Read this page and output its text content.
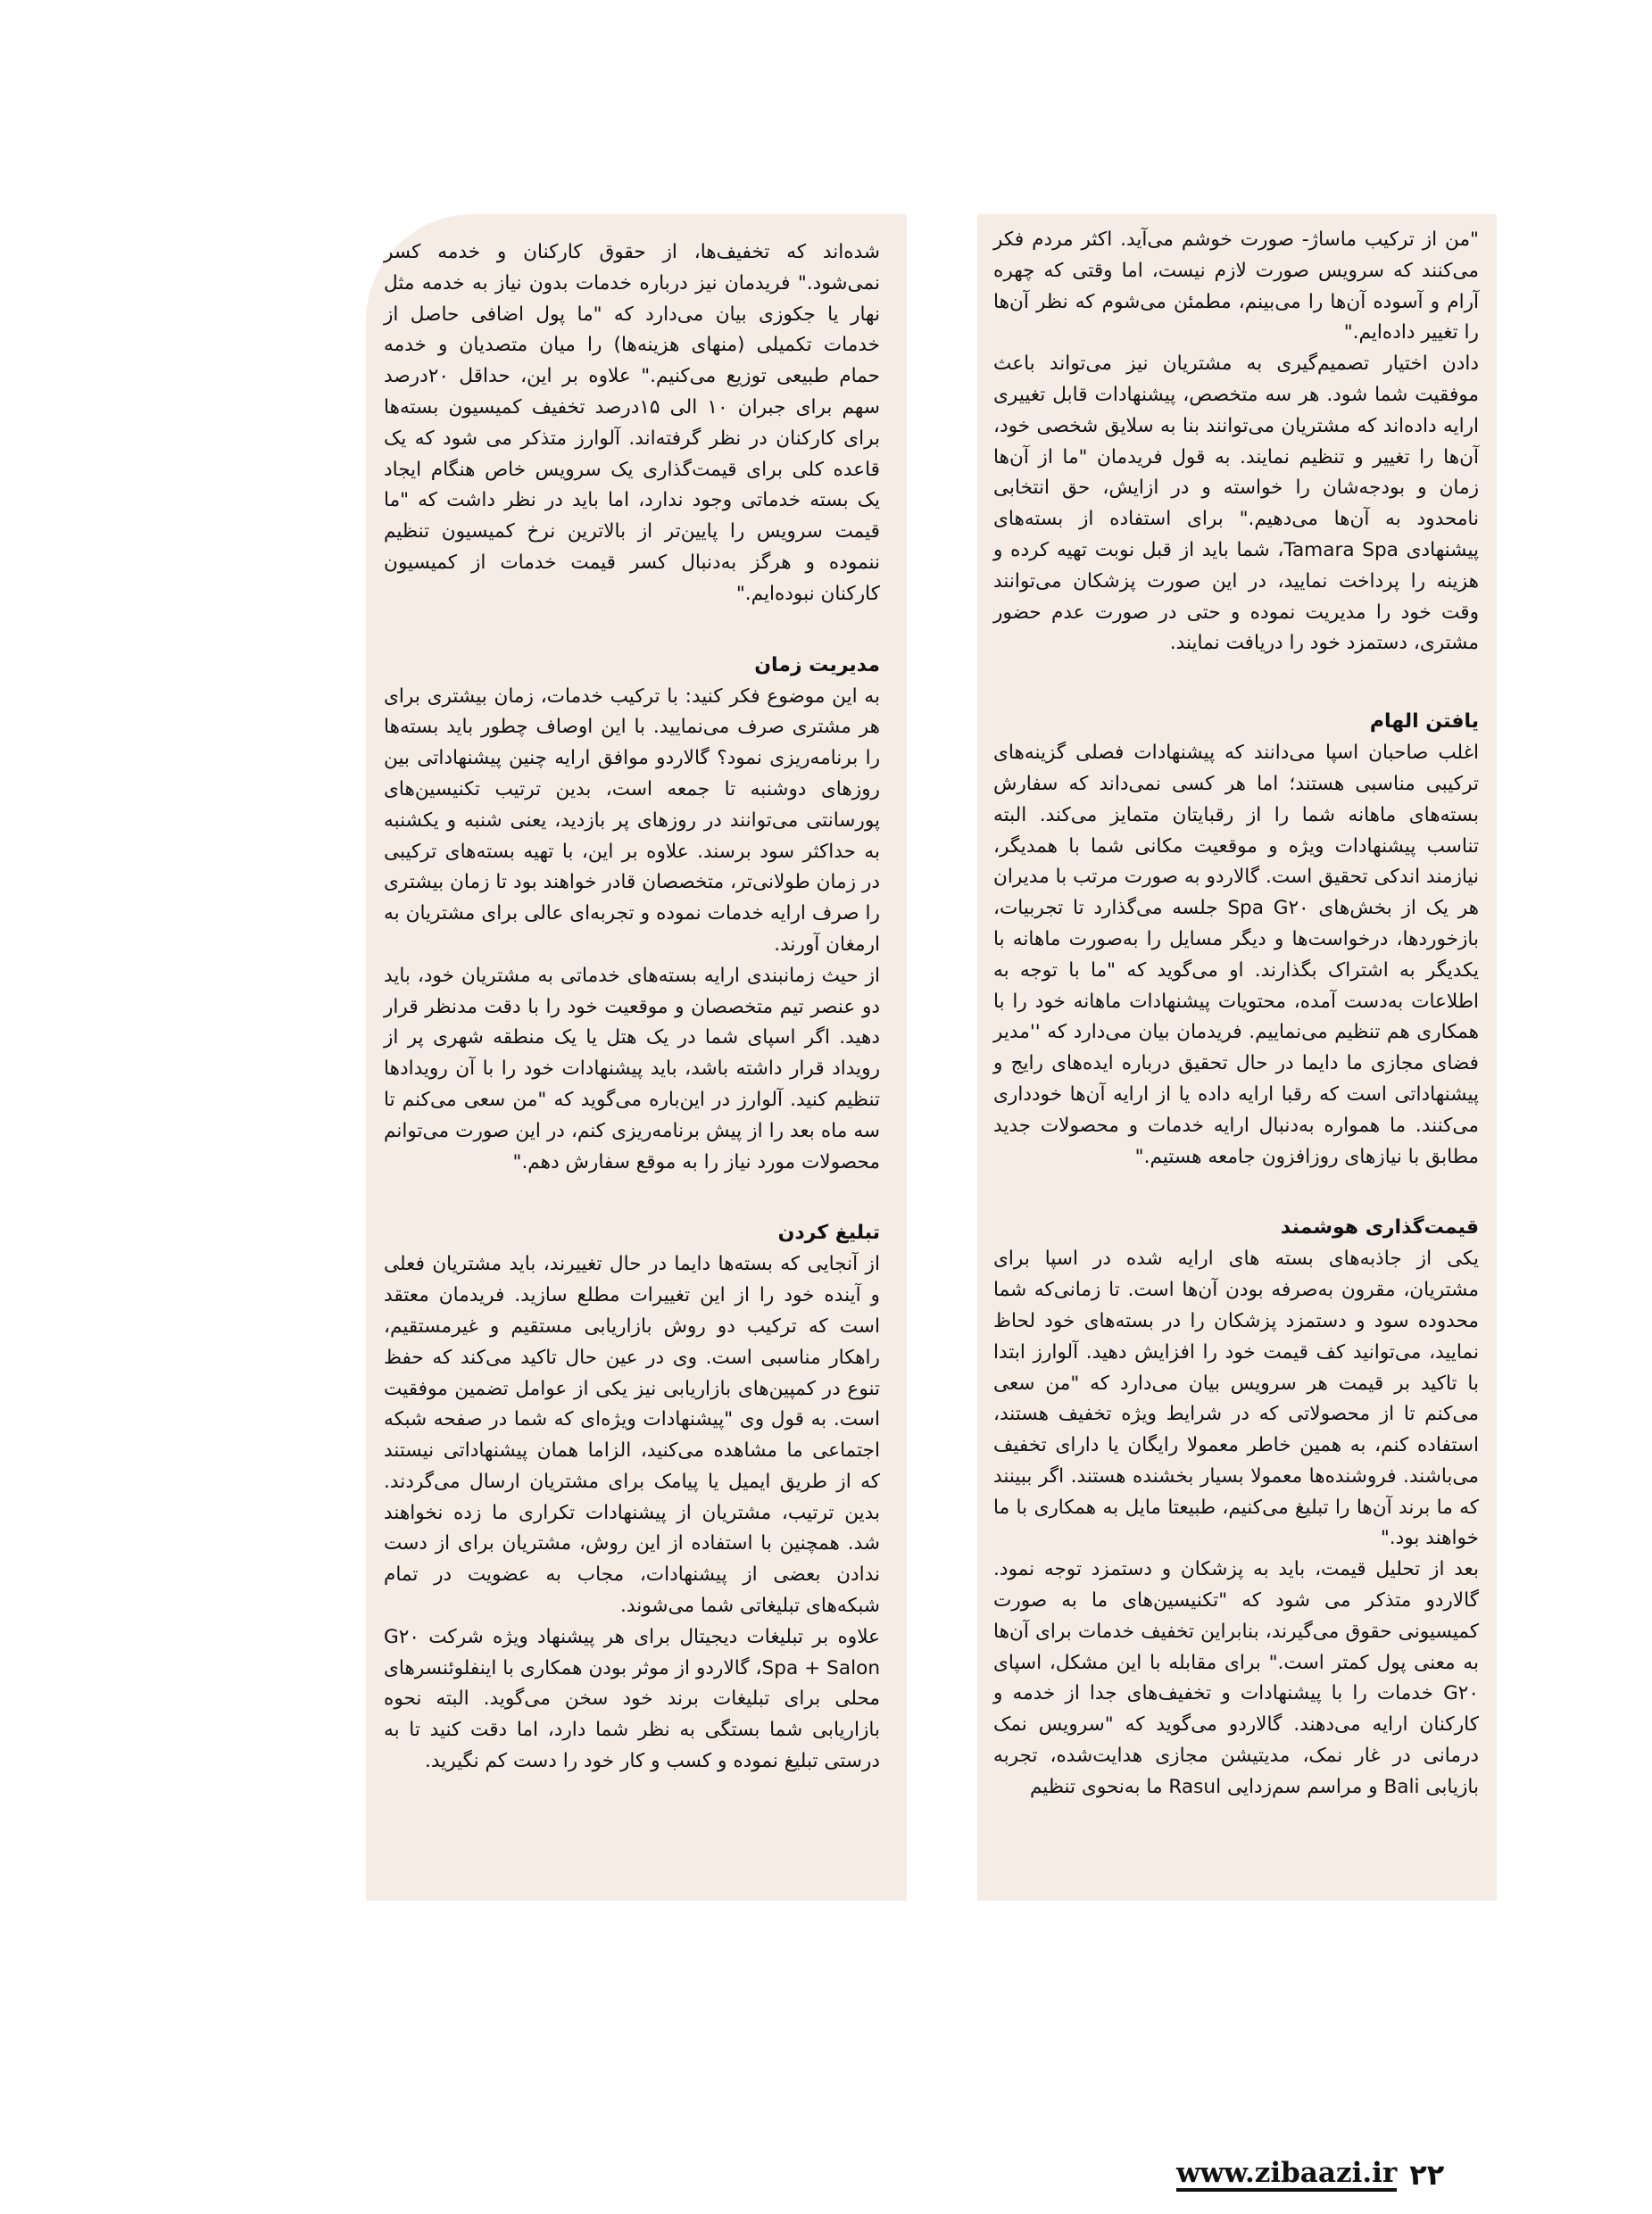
"من از ترکیب ماساژ- صورت خوشم می‌آید. اکثر مردم فکر می‌کنند که سرویس صورت لازم نیست، اما وقتی که چهره آرام و آسوده آن‌ها را می‌بینم، مطمئن می‌شوم که نظر آن‌ها را تغییر داده‌ایم."

دادن اختیار تصمیم‌گیری به مشتریان نیز می‌تواند باعث موفقیت شما شود. هر سه متخصص، پیشنهادات قابل تغییری ارایه داده‌اند که مشتریان می‌توانند بنا به سلایق شخصی خود، آن‌ها را تغییر و تنظیم نمایند. به قول فریدمان "ما از آن‌ها زمان و بودجه‌شان را خواسته و در ازایش، حق انتخابی نامحدود به آن‌ها می‌دهیم." برای استفاده از بسته‌های پیشنهادی Tamara Spa، شما باید از قبل نوبت تهیه کرده و هزینه را پرداخت نمایید، در این صورت پزشکان می‌توانند وقت خود را مدیریت نموده و حتی در صورت عدم حضور مشتری، دستمزد خود را دریافت نمایند.

یافتن الهام

اغلب صاحبان اسپا می‌دانند که پیشنهادات فصلی گزینه‌های ترکیبی مناسبی هستند؛ اما هر کسی نمی‌داند که سفارش بسته‌های ماهانه شما را از رقبایتان متمایز می‌کند. البته تناسب پیشنهادات ویژه و موقعیت مکانی شما با همدیگر، نیازمند اندکی تحقیق است. گالاردو به صورت مرتب با مدیران هر یک از بخش‌های Spa G۲۰ جلسه می‌گذارد تا تجربیات، بازخوردها، درخواست‌ها و دیگر مسایل را به‌صورت ماهانه با یکدیگر به اشتراک بگذارند. او می‌گوید که "ما با توجه به اطلاعات به‌دست آمده، محتویات پیشنهادات ماهانه خود را با همکاری هم تنظیم می‌نماییم. فریدمان بیان می‌دارد که ''مدیر فضای مجازی ما دایما در حال تحقیق درباره ایده‌های رایج و پیشنهاداتی است که رقبا ارایه داده یا از ارایه آن‌ها خودداری می‌کنند. ما همواره به‌دنبال ارایه خدمات و محصولات جدید مطابق با نیازهای روزافزون جامعه هستیم."

قیمت‌گذاری هوشمند

یکی از جاذبه‌های بسته های ارایه شده در اسپا برای مشتریان، مقرون به‌صرفه بودن آن‌ها است. تا زمانی‌که شما محدوده سود و دستمزد پزشکان را در بسته‌های خود لحاظ نمایید، می‌توانید کف قیمت خود را افزایش دهید. آلوارز ابتدا با تاکید بر قیمت هر سرویس بیان می‌دارد که "من سعی می‌کنم تا از محصولاتی که در شرایط ویژه تخفیف هستند، استفاده کنم، به همین خاطر معمولا رایگان یا دارای تخفیف می‌باشند. فروشنده‌ها معمولا بسیار بخشنده هستند. اگر ببینند که ما برند آن‌ها را تبلیغ می‌کنیم، طبیعتا مایل به همکاری با ما خواهند بود."

بعد از تحلیل قیمت، باید به پزشکان و دستمزد توجه نمود. گالاردو متذکر می شود که "تکنیسین‌های ما به صورت کمیسیونی حقوق می‌گیرند، بنابراین تخفیف خدمات برای آن‌ها به معنی پول کمتر است." برای مقابله با این مشکل، اسپای G۲۰ خدمات را با پیشنهادات و تخفیف‌های جدا از خدمه و کارکنان ارایه می‌دهند. گالاردو می‌گوید که "سرویس نمک درمانی در غار نمک، مدیتیشن مجازی هدایت‌شده، تجربه بازیابی Bali و مراسم سم‌زدایی Rasul ما به‌نحوی تنظیم

شده‌اند که تخفیف‌ها، از حقوق کارکنان و خدمه کسر نمی‌شود." فریدمان نیز درباره خدمات بدون نیاز به خدمه مثل نهار یا جکوزی بیان می‌دارد که "ما پول اضافی حاصل از خدمات تکمیلی (منهای هزینه‌ها) را میان متصدیان و خدمه حمام طبیعی توزیع می‌کنیم." علاوه بر این، حداقل ۲۰درصد سهم برای جبران ۱۰ الی ۱۵درصد تخفیف کمیسیون بسته‌ها برای کارکنان در نظر گرفته‌اند. آلوارز متذکر می شود که یک قاعده کلی برای قیمت‌گذاری یک سرویس خاص هنگام ایجاد یک بسته خدماتی وجود ندارد، اما باید در نظر داشت که "ما قیمت سرویس را پایین‌تر از بالاترین نرخ کمیسیون تنظیم ننموده و هرگز به‌دنبال کسر قیمت خدمات از کمیسیون کارکنان نبوده‌ایم."

مدیریت زمان

به این موضوع فکر کنید: با ترکیب خدمات، زمان بیشتری برای هر مشتری صرف می‌نمایید. با این اوصاف چطور باید بسته‌ها را برنامه‌ریزی نمود؟ گالاردو موافق ارایه چنین پیشنهاداتی بین روزهای دوشنبه تا جمعه است، بدین ترتیب تکنیسین‌های پورسانتی می‌توانند در روزهای پر بازدید، یعنی شنبه و یکشنبه به حداکثر سود برسند. علاوه بر این، با تهیه بسته‌های ترکیبی در زمان طولانی‌تر، متخصصان قادر خواهند بود تا زمان بیشتری را صرف ارایه خدمات نموده و تجربه‌ای عالی برای مشتریان به ارمغان آورند.

از حیث زمانبندی ارایه بسته‌های خدماتی به مشتریان خود، باید دو عنصر تیم متخصصان و موقعیت خود را با دقت مدنظر قرار دهید. اگر اسپای شما در یک هتل یا یک منطقه شهری پر از رویداد قرار داشته باشد، باید پیشنهادات خود را با آن رویدادها تنظیم کنید. آلوارز در این‌باره می‌گوید که "من سعی می‌کنم تا سه ماه بعد را از پیش برنامه‌ریزی کنم، در این صورت می‌توانم محصولات مورد نیاز را به موقع سفارش دهم."

تبلیغ کردن

از آنجایی که بسته‌ها دایما در حال تغییرند، باید مشتریان فعلی و آینده خود را از این تغییرات مطلع سازید. فریدمان معتقد است که ترکیب دو روش بازاریابی مستقیم و غیرمستقیم، راهکار مناسبی است. وی در عین حال تاکید می‌کند که حفظ تنوع در کمپین‌های بازاریابی نیز یکی از عوامل تضمین موفقیت است. به قول وی "پیشنهادات ویژه‌ای که شما در صفحه شبکه اجتماعی ما مشاهده می‌کنید، الزاما همان پیشنهاداتی نیستند که از طریق ایمیل یا پیامک برای مشتریان ارسال می‌گردند. بدین ترتیب، مشتریان از پیشنهادات تکراری ما زده نخواهند شد. همچنین با استفاده از این روش، مشتریان برای از دست ندادن بعضی از پیشنهادات، مجاب به عضویت در تمام شبکه‌های تبلیغاتی شما می‌شوند.

علاوه بر تبلیغات دیجیتال برای هر پیشنهاد ویژه شرکت G۲۰ Spa + Salon، گالاردو از موثر بودن همکاری با اینفلوئنسرهای محلی برای تبلیغات برند خود سخن می‌گوید. البته نحوه بازاریابی شما بستگی به نظر شما دارد، اما دقت کنید تا به درستی تبلیغ نموده و کسب و کار خود را دست کم نگیرید.

www.zibaazi.ir ۲۲
